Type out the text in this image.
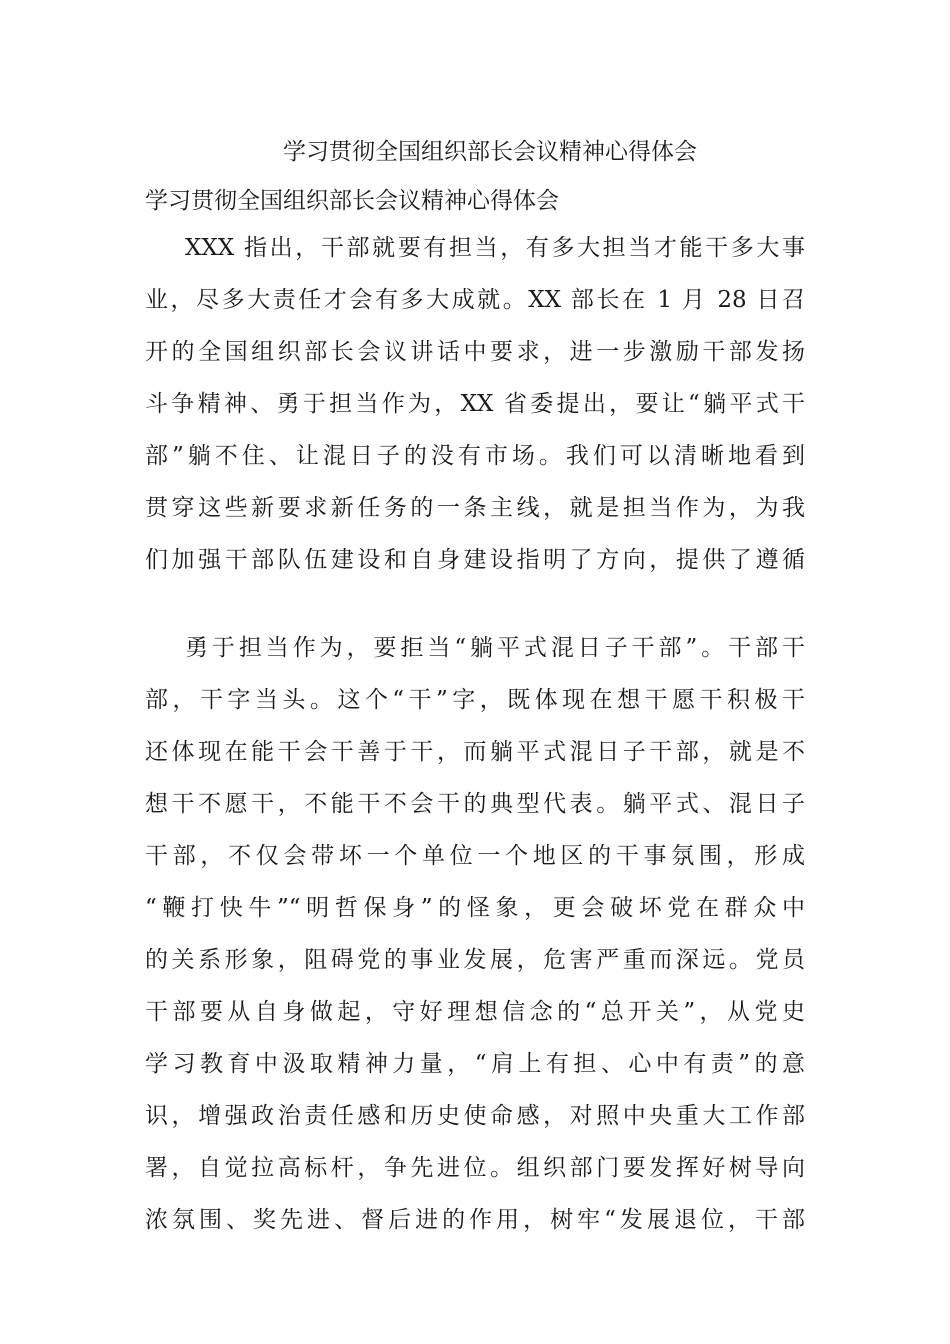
学习贯彻全国组织部长会议精神心得体会

学习贯彻全国组织部长会议精神心得体会

XXX 指出，干部就要有担当，有多大担当才能干多大事

业，尽多大责任才会有多大成就。XX 部长在 1 月 28 日召

开的全国组织部长会议讲话中要求，进一步激励干部发扬

斗争精神、勇于担当作为，XX 省委提出，要让“躺平式干

部”躺不住、让混日子的没有市场。我们可以清晰地看到

贯穿这些新要求新任务的一条主线，就是担当作为，为我

们加强干部队伍建设和自身建设指明了方向，提供了遵循

勇于担当作为，要拒当“躺平式混日子干部”。干部干

部，干字当头。这个“干”字，既体现在想干愿干积极干

还体现在能干会干善于干，而躺平式混日子干部，就是不

想干不愿干，不能干不会干的典型代表。躺平式、混日子

干部，不仅会带坏一个单位一个地区的干事氛围，形成

“鞭打快牛”“明哲保身”的怪象，更会破坏党在群众中

的关系形象，阻碍党的事业发展，危害严重而深远。党员

干部要从自身做起，守好理想信念的“总开关”，从党史

学习教育中汲取精神力量，“肩上有担、心中有责”的意

识，增强政治责任感和历史使命感，对照中央重大工作部

署，自觉拉高标杆，争先进位。组织部门要发挥好树导向

浓氛围、奖先进、督后进的作用，树牢“发展退位，干部
